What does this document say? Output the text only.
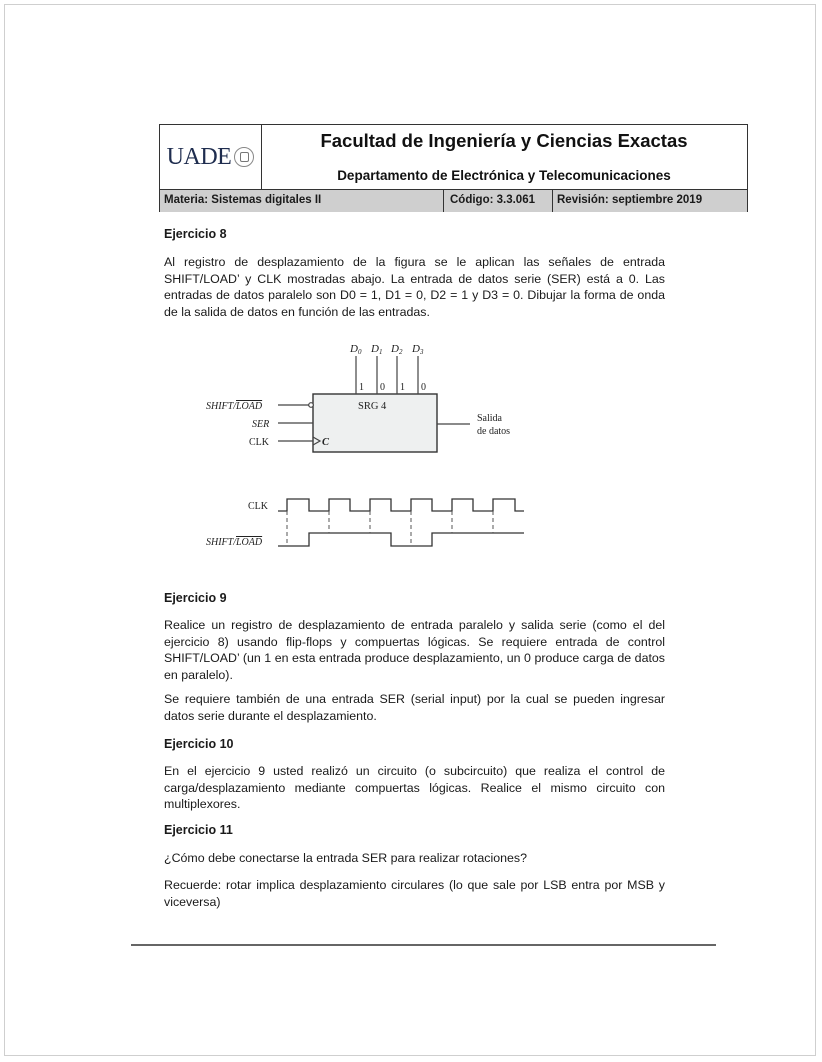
UADE
Facultad de Ingeniería y Ciencias Exactas
Departamento de Electrónica y Telecomunicaciones
Materia: Sistemas digitales II	Código: 3.3.061	Revisión: septiembre 2019
Ejercicio 8

Al registro de desplazamiento de la figura se le aplican las señales de entrada SHIFT/LOAD’ y CLK mostradas abajo. La entrada de datos serie (SER) está a 0. Las entradas de datos paralelo son D0 = 1, D1 = 0, D2 = 1 y D3 = 0. Dibujar la forma de onda de la salida de datos en función de las entradas.

D0 D1 D2 D3
1 0 1 0
SRG 4
C
SHIFT/LOAD
SER
CLK
Salida
de datos
CLK
SHIFT/LOAD
Ejercicio 9

Realice un registro de desplazamiento de entrada paralelo y salida serie (como el del ejercicio 8) usando flip-flops y compuertas lógicas. Se requiere entrada de control SHIFT/LOAD’ (un 1 en esta entrada produce desplazamiento, un 0 produce carga de datos en paralelo).

Se requiere también de una entrada SER (serial input) por la cual se pueden ingresar datos serie durante el desplazamiento.

Ejercicio 10

En el ejercicio 9 usted realizó un circuito (o subcircuito) que realiza el control de carga/desplazamiento mediante compuertas lógicas. Realice el mismo circuito con multiplexores.

Ejercicio 11

¿Cómo debe conectarse la entrada SER para realizar rotaciones?

Recuerde: rotar implica desplazamiento circulares (lo que sale por LSB entra por MSB y viceversa)
